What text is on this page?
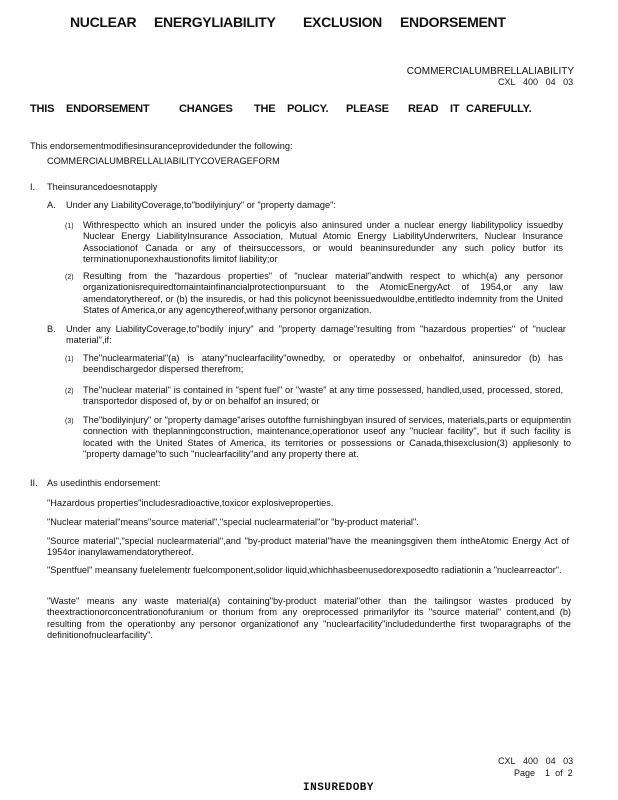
NUCLEAR ENERGYLIABILITY EXCLUSION ENDORSEMENT
COMMERCIALUMBRELLALIABILITY
CXL 400 04 03
THIS ENDORSEMENT	CHANGES THE POLICY. PLEASE READ IT CAREFULLY.
This endorsementmodifiesinsuranceprovidedunder the following:
COMMERCIALUMBRELLALIABILITYCOVERAGEFORM
I. Theinsurancedoesnotapply
A. Under any LiabilityCoverage,to"bodilyinjury" or "property damage":
(1) Withrespectto which an insured under the policyis also aninsured under a nuclear energy liabilitypolicy issuedby Nuclear Energy LiabilityInsurance Association, Mutual Atomic Energy LiabilityUnderwriters, Nuclear Insurance Associationof Canada or any of theirsuccessors, or would beaninsuredunder any such policy butfor its terminationuponexhaustionofits limitof liability;or
(2) Resulting from the "hazardous properties" of "nuclear material"andwith respect to which(a) any personor organizationisrequiredtomaintainfinancialprotectionpursuant to the AtomicEnergyAct of 1954,or any law amendatorythereof, or (b) the insuredis, or had this policynot beenissuedwouldbe,entitledto indemnity from the United States of America,or any agencythereof,withany personor organization.
B. Under any LiabilityCoverage,to"bodily injury" and "property damage"resulting from "hazardous properties" of "nuclear material",if:
(1) The"nuclearmaterial"(a) is atany"nuclearfacility"ownedby, or operatedby or onbehalfof, aninsuredor (b) has beendischargedor dispersed therefrom;
(2) The"nuclear material" is contained in "spent fuel" or "waste" at any time possessed, handled,used, processed, stored, transportedor disposed of, by or on behalfof an insured; or
(3) The"bodilyinjury" or "property damage"arises outofthe furnishingbyan insured of services, materials,parts or equipmentin connection with theplanningconstruction, maintenance,operationor useof any "nuclear facility", but if such facility is located with the United States of America, its territories or possessions or Canada,thisexclusion(3) appliesonly to "property damage"to such "nuclearfacility"and any property there at.
II. As usedinthis endorsement:
"Hazardous properties"includesradioactive,toxicor explosiveproperties.
"Nuclear material"means"source material","special nuclearmaterial"or "by-product material".
"Source material","special nuclearmaterial",and "by-product material"have the meaningsgiven them intheAtomic Energy Act of 1954or inanylawamendatorythereof.
"Spentfuel" meansany fuelelementr fuelcomponent,solidor liquid,whichhasbeenusedorexposedto radiationin a "nuclearreactor".
"Waste" means any waste material(a) containing"by-product material"other than the tailingsor wastes produced by theextractionorconcentrationofuranium or thorium from any oreprocessed primarilyfor its "source material" content,and (b) resulting from the operationby any personor organizationof any "nuclearfacility"includedunderthe first twoparagraphs of the definitionofnuclearfacility".
CXL 400 04 03
Page 1 of 2
INSUREDOBY
